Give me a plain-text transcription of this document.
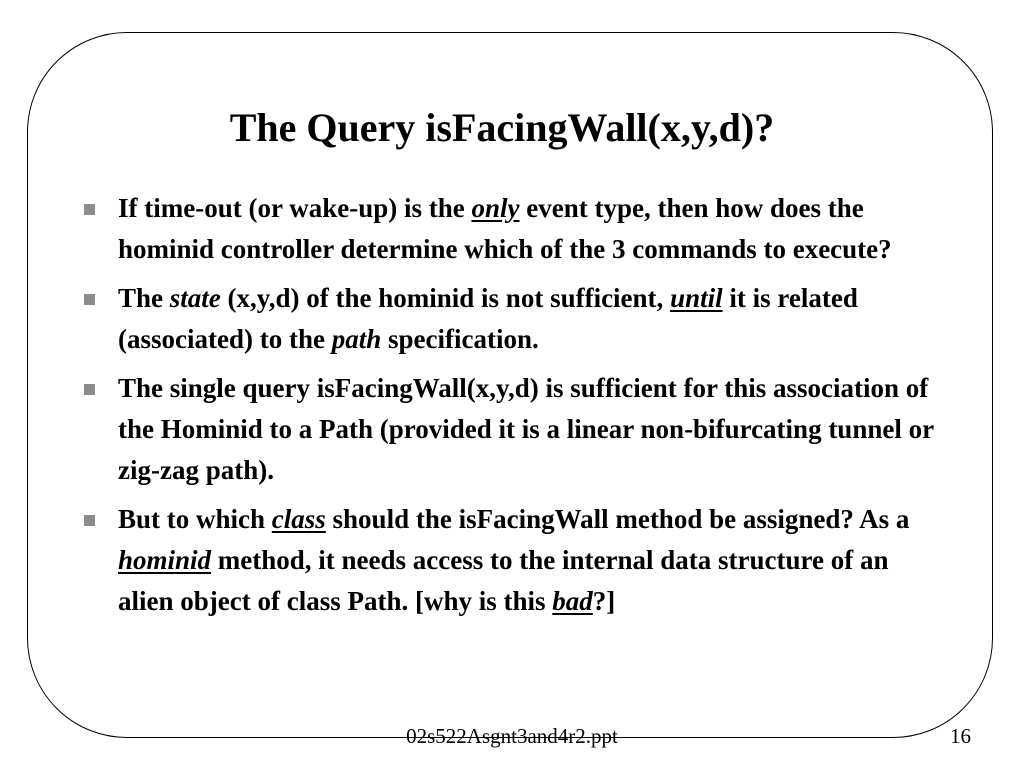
The Query isFacingWall(x,y,d)?
If time-out (or wake-up) is the only event type, then how does the hominid controller determine which of the 3 commands to execute?
The state (x,y,d) of the hominid is not sufficient, until it is related (associated) to the path specification.
The single query isFacingWall(x,y,d) is sufficient for this association of the Hominid to a Path (provided it is a linear non-bifurcating tunnel or zig-zag path).
But to which class should the isFacingWall method be assigned? As a hominid method, it needs access to the internal data structure of an alien object of class Path. [why is this bad?]
02s522Asgnt3and4r2.ppt	16
